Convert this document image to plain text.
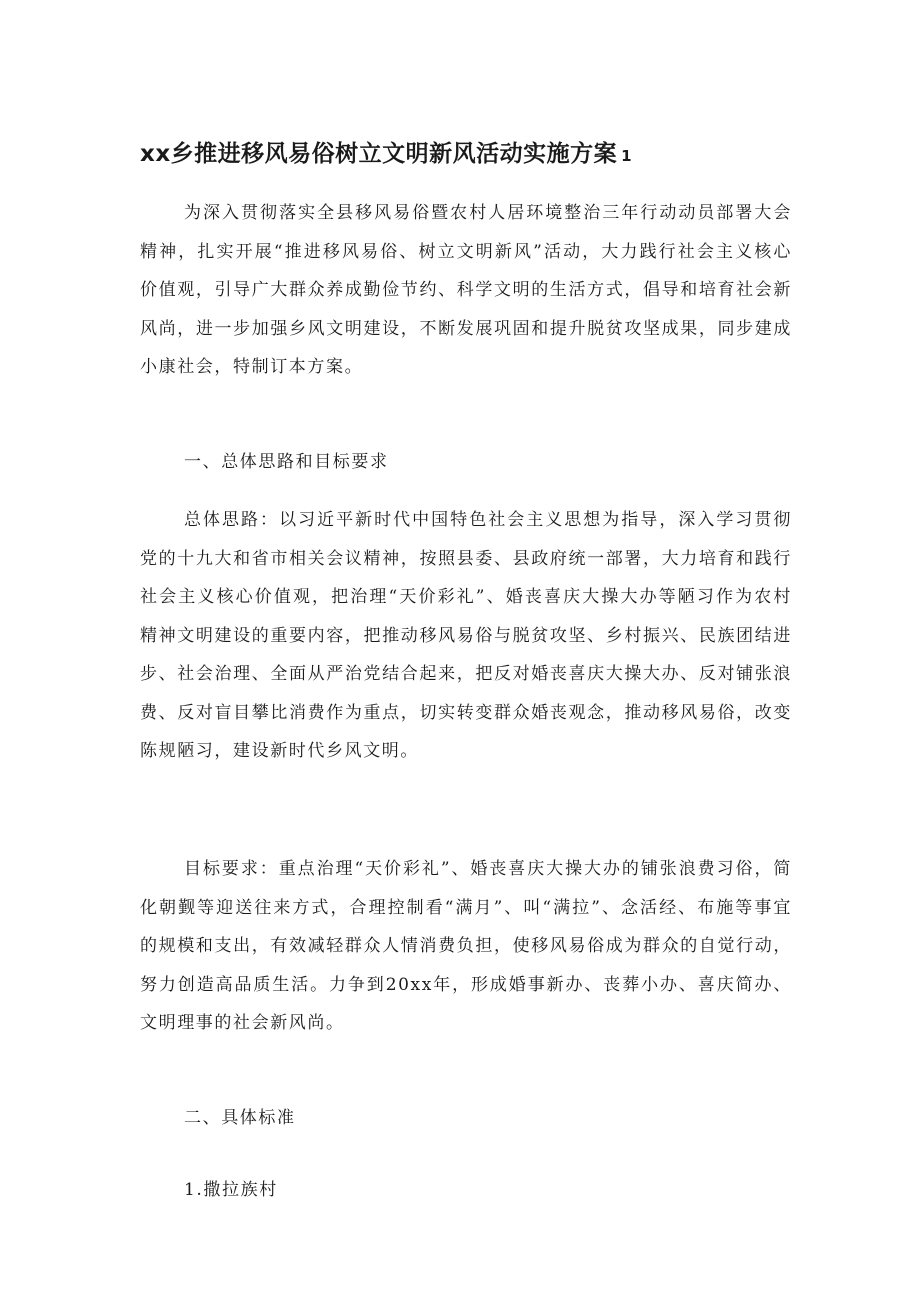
xx乡推进移风易俗树立文明新风活动实施方案 1

为深入贯彻落实全县移风易俗暨农村人居环境整治三年行动动员部署大会精神，扎实开展“推进移风易俗、树立文明新风”活动，大力践行社会主义核心价值观，引导广大群众养成勤俭节约、科学文明的生活方式，倡导和培育社会新风尚，进一步加强乡风文明建设，不断发展巩固和提升脱贫攻坚成果，同步建成小康社会，特制订本方案。

一、总体思路和目标要求

总体思路：以习近平新时代中国特色社会主义思想为指导，深入学习贯彻党的十九大和省市相关会议精神，按照县委、县政府统一部署，大力培育和践行社会主义核心价值观，把治理“天价彩礼”、婚丧喜庆大操大办等陋习作为农村精神文明建设的重要内容，把推动移风易俗与脱贫攻坚、乡村振兴、民族团结进步、社会治理、全面从严治党结合起来，把反对婚丧喜庆大操大办、反对铺张浪费、反对盲目攀比消费作为重点，切实转变群众婚丧观念，推动移风易俗，改变陈规陋习，建设新时代乡风文明。

目标要求：重点治理“天价彩礼”、婚丧喜庆大操大办的铺张浪费习俗，简化朝觐等迎送往来方式，合理控制看“满月”、叫“满拉”、念活经、布施等事宜的规模和支出，有效减轻群众人情消费负担，使移风易俗成为群众的自觉行动，努力创造高品质生活。力争到20xx年，形成婚事新办、丧葬小办、喜庆简办、文明理事的社会新风尚。

二、具体标准

1.撒拉族村
